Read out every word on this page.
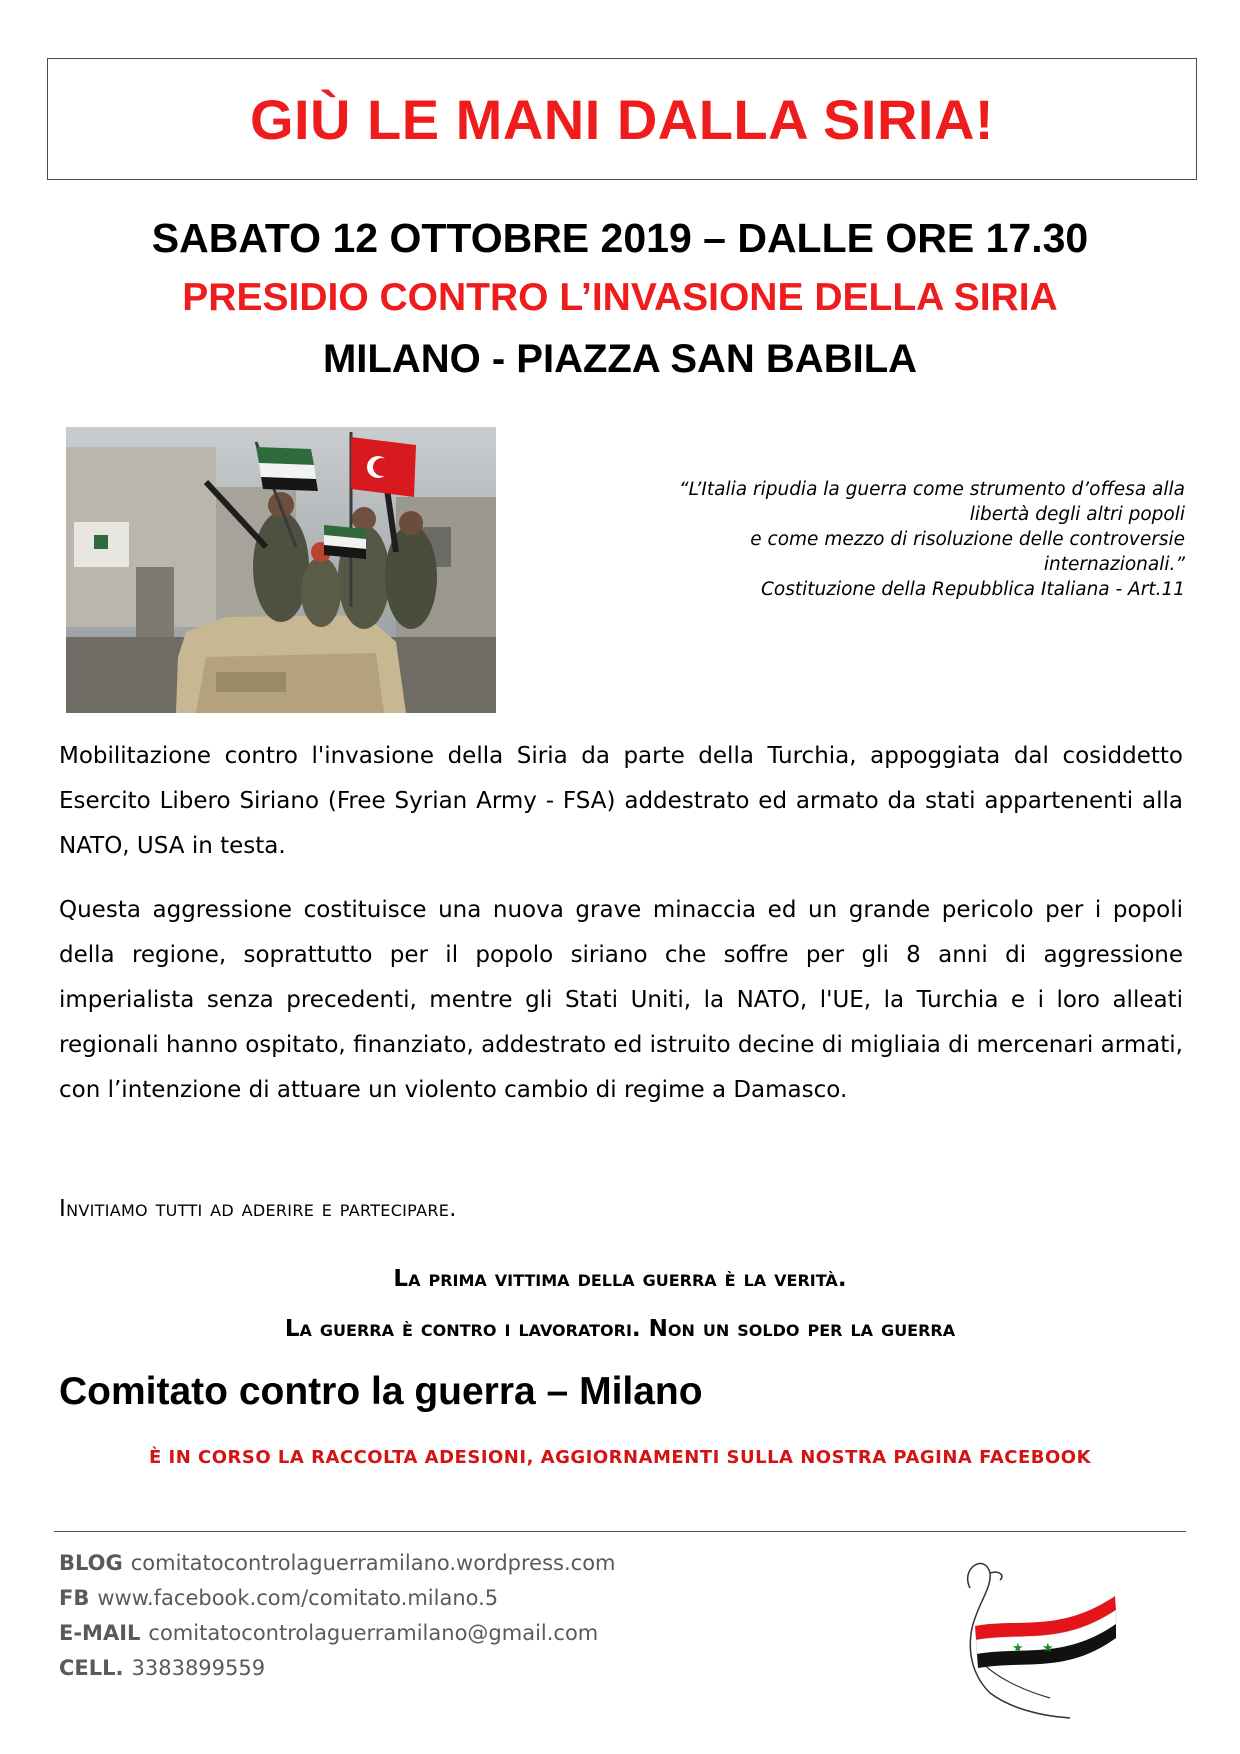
GIÙ LE MANI DALLA SIRIA!

SABATO 12 OTTOBRE 2019 – DALLE ORE 17.30

PRESIDIO CONTRO L’INVASIONE DELLA SIRIA

MILANO - PIAZZA SAN BABILA

“L’Italia ripudia la guerra come strumento d’offesa alla

libertà degli altri popoli

e come mezzo di risoluzione delle controversie

internazionali.”

Costituzione della Repubblica Italiana - Art.11

Mobilitazione contro l'invasione della Siria da parte della Turchia, appoggiata dal cosiddetto Esercito Libero Siriano (Free Syrian Army - FSA) addestrato ed armato da stati appartenenti alla NATO, USA in testa.

Questa aggressione costituisce una nuova grave minaccia ed un grande pericolo per i popoli della regione, soprattutto per il popolo siriano che soffre per gli 8 anni di aggressione imperialista senza precedenti, mentre gli Stati Uniti, la NATO, l'UE, la Turchia e i loro alleati regionali hanno ospitato, finanziato, addestrato ed istruito decine di migliaia di mercenari armati, con l’intenzione di attuare un violento cambio di regime a Damasco.

Invitiamo tutti ad aderire e partecipare.

La prima vittima della guerra è la verità.

La guerra è contro i lavoratori. Non un soldo per la guerra

Comitato contro la guerra – Milano

È IN CORSO LA RACCOLTA ADESIONI, AGGIORNAMENTI SULLA NOSTRA PAGINA FACEBOOK

BLOG comitatocontrolaguerramilano.wordpress.com
FB www.facebook.com/comitato.milano.5
E-MAIL comitatocontrolaguerramilano@gmail.com
CELL. 3383899559
★ ★
